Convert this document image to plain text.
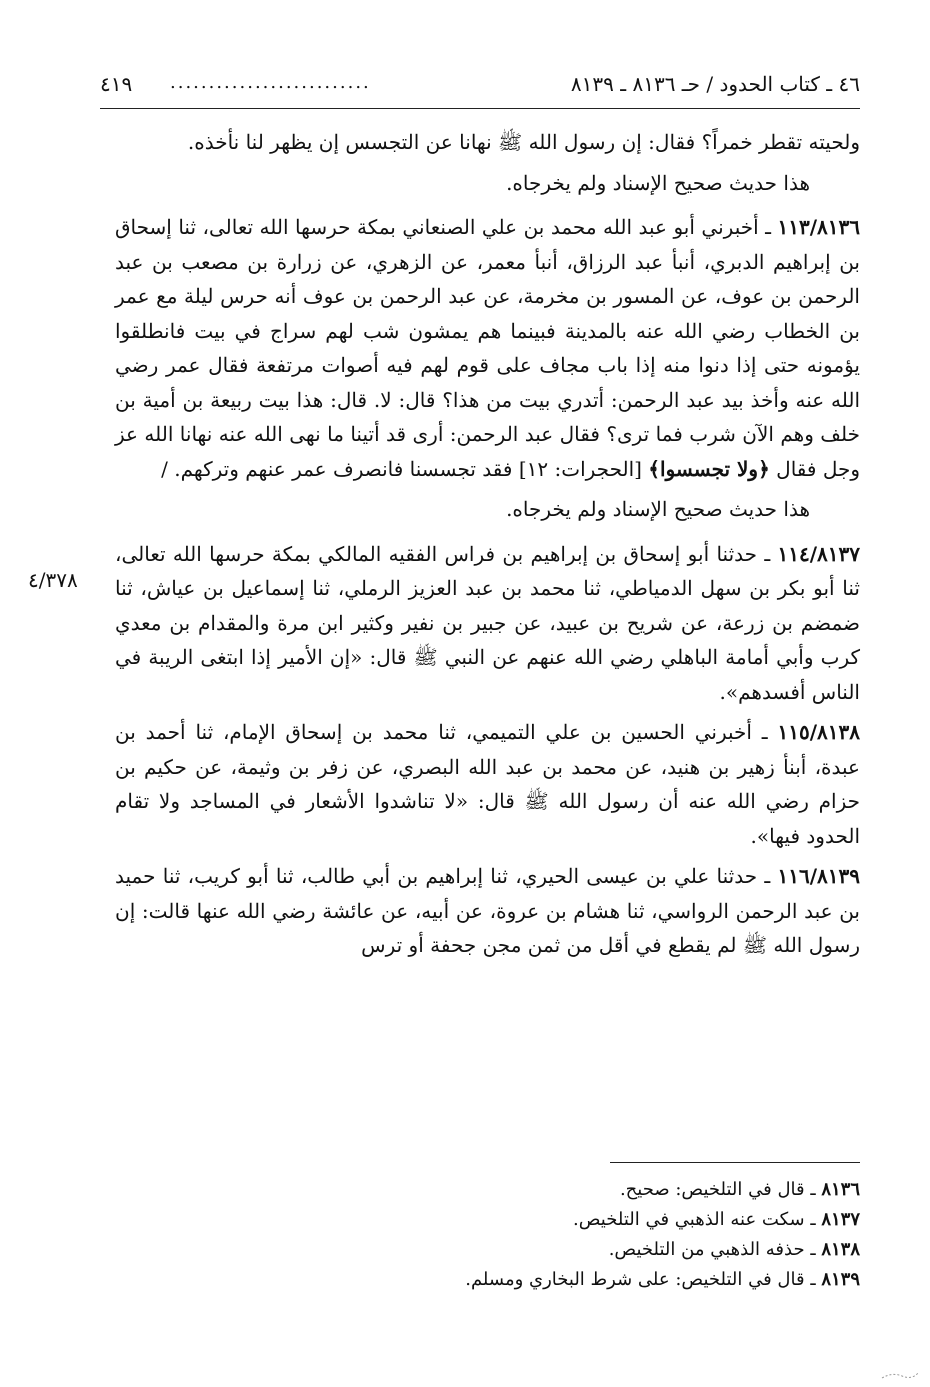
٤٦ ـ كتاب الحدود / حـ ٨١٣٦ ـ ٨١٣٩
..........................
٤١٩

ولحيته تقطر خمراً؟ فقال: إن رسول الله ﷺ نهانا عن التجسس إن يظهر لنا نأخذه.

هذا حديث صحيح الإسناد ولم يخرجاه.

١١٣/٨١٣٦ ـ أخبرني أبو عبد الله محمد بن علي الصنعاني بمكة حرسها الله تعالى، ثنا إسحاق بن إبراهيم الدبري، أنبأ عبد الرزاق، أنبأ معمر، عن الزهري، عن زرارة بن مصعب بن عبد الرحمن بن عوف، عن المسور بن مخرمة، عن عبد الرحمن بن عوف أنه حرس ليلة مع عمر بن الخطاب رضي الله عنه بالمدينة فبينما هم يمشون شب لهم سراج في بيت فانطلقوا يؤمونه حتى إذا دنوا منه إذا باب مجاف على قوم لهم فيه أصوات مرتفعة فقال عمر رضي الله عنه وأخذ بيد عبد الرحمن: أتدري بيت من هذا؟ قال: لا. قال: هذا بيت ربيعة بن أمية بن خلف وهم الآن شرب فما ترى؟ فقال عبد الرحمن: أرى قد أتينا ما نهى الله عنه نهانا الله عز وجل فقال ﴿ولا تجسسوا﴾ [الحجرات: ١٢] فقد تجسسنا فانصرف عمر عنهم وتركهم. /

هذا حديث صحيح الإسناد ولم يخرجاه.

١١٤/٨١٣٧ ـ حدثنا أبو إسحاق بن إبراهيم بن فراس الفقيه المالكي بمكة حرسها الله تعالى، ثنا أبو بكر بن سهل الدمياطي، ثنا محمد بن عبد العزيز الرملي، ثنا إسماعيل بن عياش، ثنا ضمضم بن زرعة، عن شريح بن عبيد، عن جبير بن نفير وكثير ابن مرة والمقدام بن معدي كرب وأبي أمامة الباهلي رضي الله عنهم عن النبي ﷺ قال: «إن الأمير إذا ابتغى الريبة في الناس أفسدهم».

١١٥/٨١٣٨ ـ أخبرني الحسين بن علي التميمي، ثنا محمد بن إسحاق الإمام، ثنا أحمد بن عبدة، أبنأ زهير بن هنيد، عن محمد بن عبد الله البصري، عن زفر بن وثيمة، عن حكيم بن حزام رضي الله عنه أن رسول الله ﷺ قال: «لا تناشدوا الأشعار في المساجد ولا تقام الحدود فيها».

١١٦/٨١٣٩ ـ حدثنا علي بن عيسى الحيري، ثنا إبراهيم بن أبي طالب، ثنا أبو كريب، ثنا حميد بن عبد الرحمن الرواسي، ثنا هشام بن عروة، عن أبيه، عن عائشة رضي الله عنها قالت: إن رسول الله ﷺ لم يقطع في أقل من ثمن مجن جحفة أو ترس

٤/٣٧٨

٨١٣٦ ـ قال في التلخيص: صحيح.

٨١٣٧ ـ سكت عنه الذهبي في التلخيص.

٨١٣٨ ـ حذفه الذهبي من التلخيص.

٨١٣٩ ـ قال في التلخيص: على شرط البخاري ومسلم.
